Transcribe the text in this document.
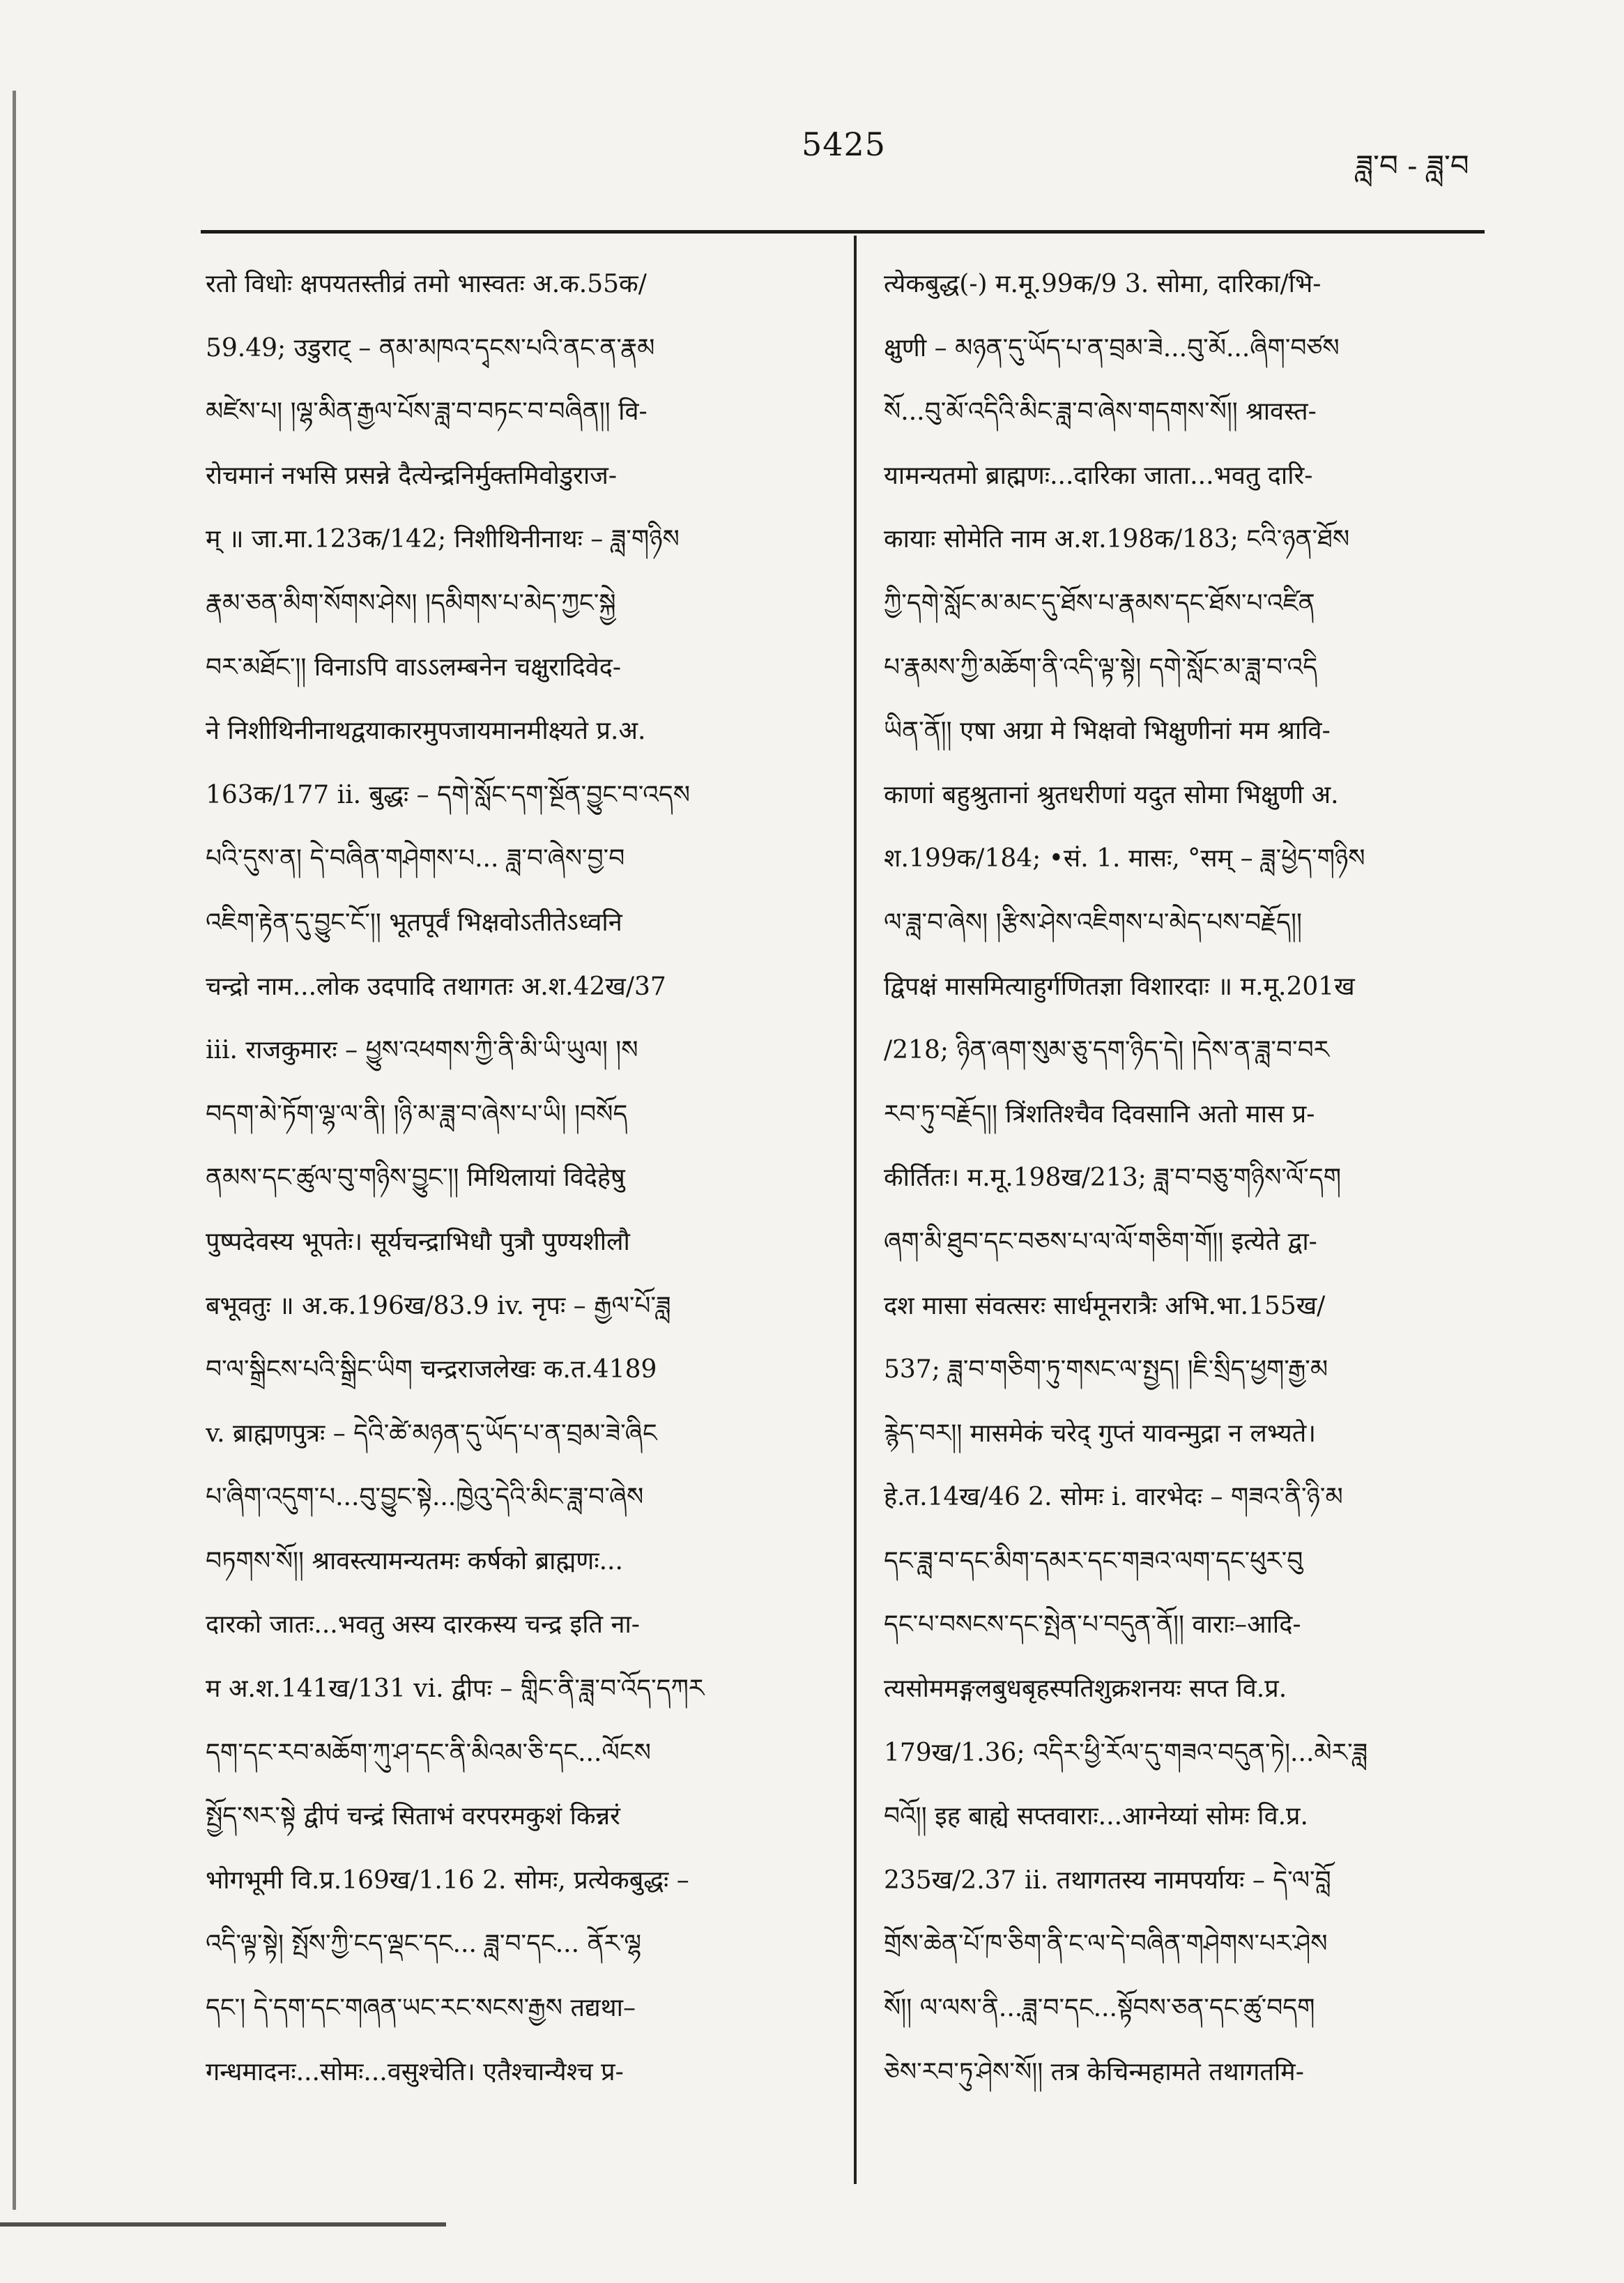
5425
ཟླ་བ - ཟླ་བ
रतो विधोः क्षपयतस्तीव्रं तमो भास्वतः अ.क.55क/
59.49; उडुराट् – ནམ་མཁའ་དྭངས་པའི་ནང་ན་རྣམ
མཛེས་པ། །ལྷ་མིན་རྒྱལ་པོས་ཟླ་བ་བཏང་བ་བཞིན།། वि-
रोचमानं नभसि प्रसन्ने दैत्येन्द्रनिर्मुक्तमिवोडुराज-
म् ॥ जा.मा.123क/142; निशीथिनीनाथः – ཟླ་གཉིས
རྣམ་ཅན་མིག་སོགས་ཤེས། །དམིགས་པ་མེད་ཀྱང་སྐྱེ
བར་མཐོང་།། विनाऽपि वाऽऽलम्बनेन चक्षुरादिवेद-
ने निशीथिनीनाथद्वयाकारमुपजायमानमीक्ष्यते प्र.अ.
163क/177 ii. बुद्धः – དགེ་སློང་དག་སྔོན་བྱུང་བ་འདས
པའི་དུས་ན། དེ་བཞིན་གཤེགས་པ... ཟླ་བ་ཞེས་བྱ་བ
འཇིག་རྟེན་དུ་བྱུང་ངོ་།། भूतपूर्वं भिक्षवोऽतीतेऽध्वनि
चन्द्रो नाम...लोक उदपादि तथागतः अ.श.42ख/37
iii. राजकुमारः – ཕྱུས་འཕགས་ཀྱི་ནི་མི་ཡི་ཡུལ། །ས
བདག་མེ་ཏོག་ལྷ་ལ་ནི། །ཉི་མ་ཟླ་བ་ཞེས་པ་ཡི། །བསོད
ནམས་དང་ཚུལ་བུ་གཉིས་བྱུང་།། मिथिलायां विदेहेषु
पुष्पदेवस्य भूपतेः। सूर्यचन्द्राभिधौ पुत्रौ पुण्यशीलौ
बभूवतुः ॥ अ.क.196ख/83.9 iv. नृपः – རྒྱལ་པོ་ཟླ
བ་ལ་སྒྲིངས་པའི་སྒྲིང་ཡིག चन्द्रराजलेखः क.त.4189
v. ब्राह्मणपुत्रः – དེའི་ཚེ་མཉན་དུ་ཡོད་པ་ན་བྲམ་ཟེ་ཞིང
པ་ཞིག་འདུག་པ...བུ་བྱུང་སྟེ...ཁྱེའུ་དེའི་མིང་ཟླ་བ་ཞེས
བཏགས་སོ།། श्रावस्त्यामन्यतमः कर्षको ब्राह्मणः...
दारको जातः...भवतु अस्य दारकस्य चन्द्र इति ना-
म अ.श.141ख/131 vi. द्वीपः – གླིང་ནི་ཟླ་བ་འོད་དཀར
དག་དང་རབ་མཆོག་ཀུ་ཤ་དང་ནི་མིའམ་ཅི་དང...ལོངས
སྤྱོད་སར་སྟེ द्वीपं चन्द्रं सिताभं वरपरमकुशं किन्नरं
भोगभूमी वि.प्र.169ख/1.16 2. सोमः, प्रत्येकबुद्धः –
འདི་ལྟ་སྟེ། སྤོས་ཀྱི་ངད་ལྡང་དང... ཟླ་བ་དང... ནོར་ལྷ
དང་། དེ་དག་དང་གཞན་ཡང་རང་སངས་རྒྱས तद्यथा–
गन्धमादनः...सोमः...वसुश्चेति। एतैश्चान्यैश्च प्र-
त्येकबुद्ध(-) म.मू.99क/9 3. सोमा, दारिका/भि-
क्षुणी – མཉན་དུ་ཡོད་པ་ན་བྲམ་ཟེ...བུ་མོ...ཞིག་བཙས
སོ...བུ་མོ་འདིའི་མིང་ཟླ་བ་ཞེས་གདགས་སོ།། श्रावस्त-
यामन्यतमो ब्राह्मणः...दारिका जाता...भवतु दारि-
कायाः सोमेति नाम अ.श.198क/183; ངའི་ཉན་ཐོས
ཀྱི་དགེ་སློང་མ་མང་དུ་ཐོས་པ་རྣམས་དང་ཐོས་པ་འཛིན
པ་རྣམས་ཀྱི་མཆོག་ནི་འདི་ལྟ་སྟེ། དགེ་སློང་མ་ཟླ་བ་འདི
ཡིན་ནོ།། एषा अग्रा मे भिक्षवो भिक्षुणीनां मम श्रावि-
काणां बहुश्रुतानां श्रुतधरीणां यदुत सोमा भिक्षुणी अ.
श.199क/184; •सं. 1. मासः, °सम् – ཟླ་ཕྱེད་གཉིས
ལ་ཟླ་བ་ཞེས། །རྩིས་ཤེས་འཇིགས་པ་མེད་པས་བརྗོད།།
द्विपक्षं मासमित्याहुर्गणितज्ञा विशारदाः ॥ म.मू.201ख
/218; ཉིན་ཞག་སུམ་ཅུ་དག་ཉིད་དེ། །དེས་ན་ཟླ་བ་བར
རབ་ཏུ་བརྗོད།། त्रिंशतिश्चैव दिवसानि अतो मास प्र-
कीर्तितः। म.मू.198ख/213; ཟླ་བ་བཅུ་གཉིས་ལོ་དག
ཞག་མི་ཐུབ་དང་བཅས་པ་ལ་ལོ་གཅིག་གོ།། इत्येते द्वा-
दश मासा संवत्सरः सार्धमूनरात्रैः अभि.भा.155ख/
537; ཟླ་བ་གཅིག་ཏུ་གསང་ལ་སྤྱད། །ཇི་སྲིད་ཕྱག་རྒྱ་མ
རྙེད་བར།། मासमेकं चरेद् गुप्तं यावन्मुद्रा न लभ्यते।
हे.त.14ख/46 2. सोमः i. वारभेदः – གཟའ་ནི་ཉི་མ
དང་ཟླ་བ་དང་མིག་དམར་དང་གཟའ་ལག་དང་ཕུར་བུ
དང་པ་བསངས་དང་སྤེན་པ་བདུན་ནོ།། वाराः–आदि-
त्यसोममङ्गलबुधबृहस्पतिशुक्रशनयः सप्त वि.प्र.
179ख/1.36; འདིར་ཕྱི་རོལ་དུ་གཟའ་བདུན་ཏེ།...མེར་ཟླ
བའོ།། इह बाह्ये सप्तवाराः...आग्नेय्यां सोमः वि.प्र.
235ख/2.37 ii. तथागतस्य नामपर्यायः – དེ་ལ་བློ
གྲོས་ཆེན་པོ་ཁ་ཅིག་ནི་ང་ལ་དེ་བཞིན་གཤེགས་པར་ཤེས
སོ།། ལ་ལས་ནི...ཟླ་བ་དང...སྟོབས་ཅན་དང་ཚུ་བདག
ཅེས་རབ་ཏུ་ཤེས་སོ།། तत्र केचिन्महामते तथागतमि-
